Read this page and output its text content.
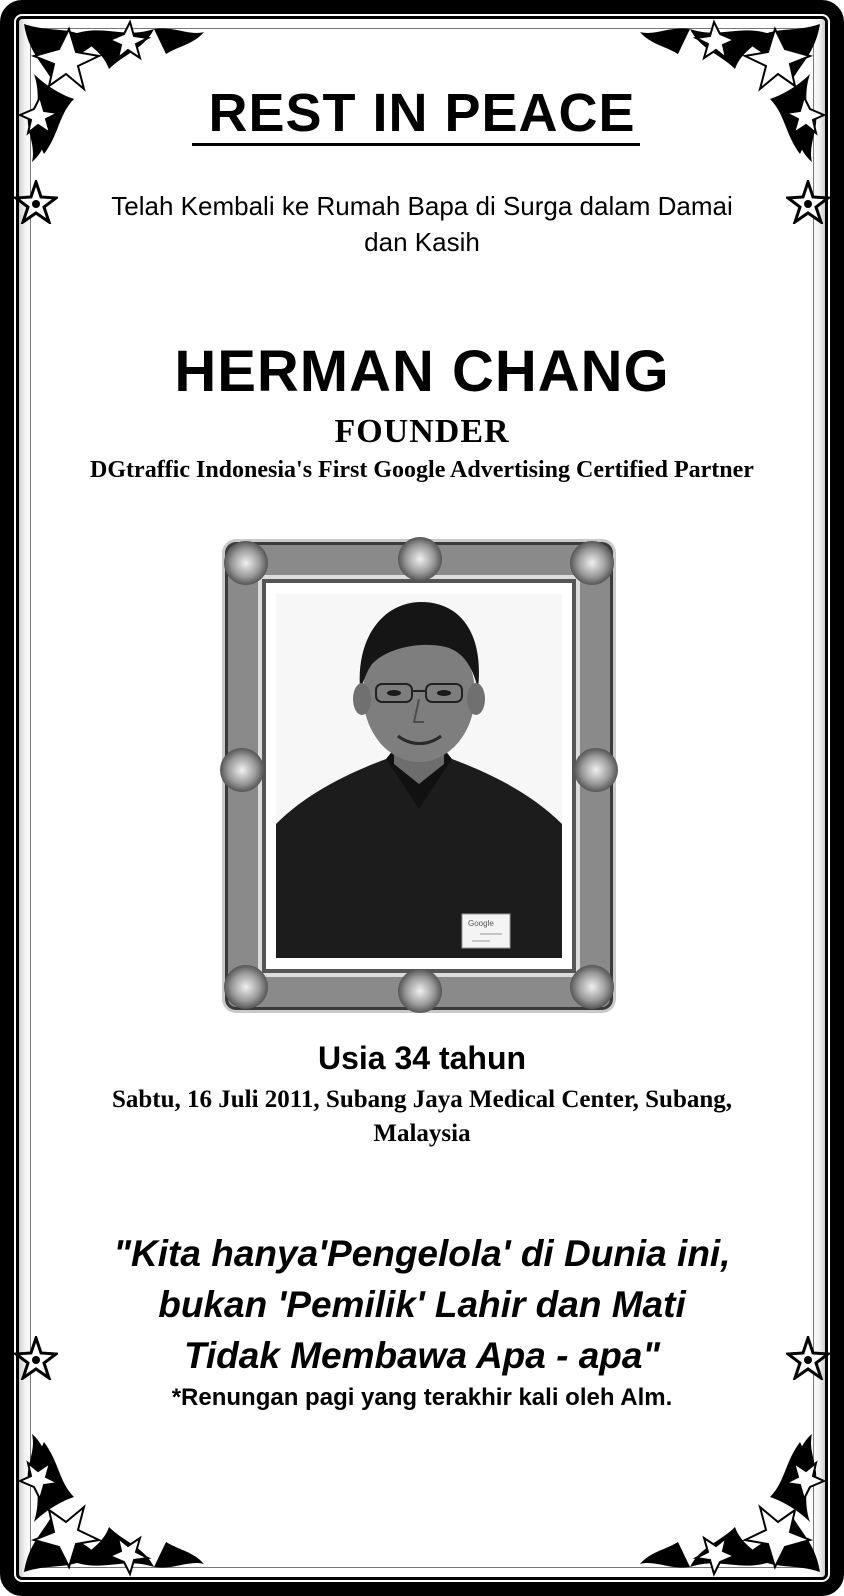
REST IN PEACE
Telah Kembali ke Rumah Bapa di Surga dalam Damai
dan Kasih
HERMAN CHANG
FOUNDER
DGtraffic Indonesia's First Google Advertising Certified Partner
Google
Usia 34 tahun
Sabtu, 16 Juli 2011, Subang Jaya Medical Center, Subang,
Malaysia
"Kita hanya'Pengelola' di Dunia ini,
bukan 'Pemilik' Lahir dan Mati
Tidak Membawa Apa - apa"
*Renungan pagi yang terakhir kali oleh Alm.
